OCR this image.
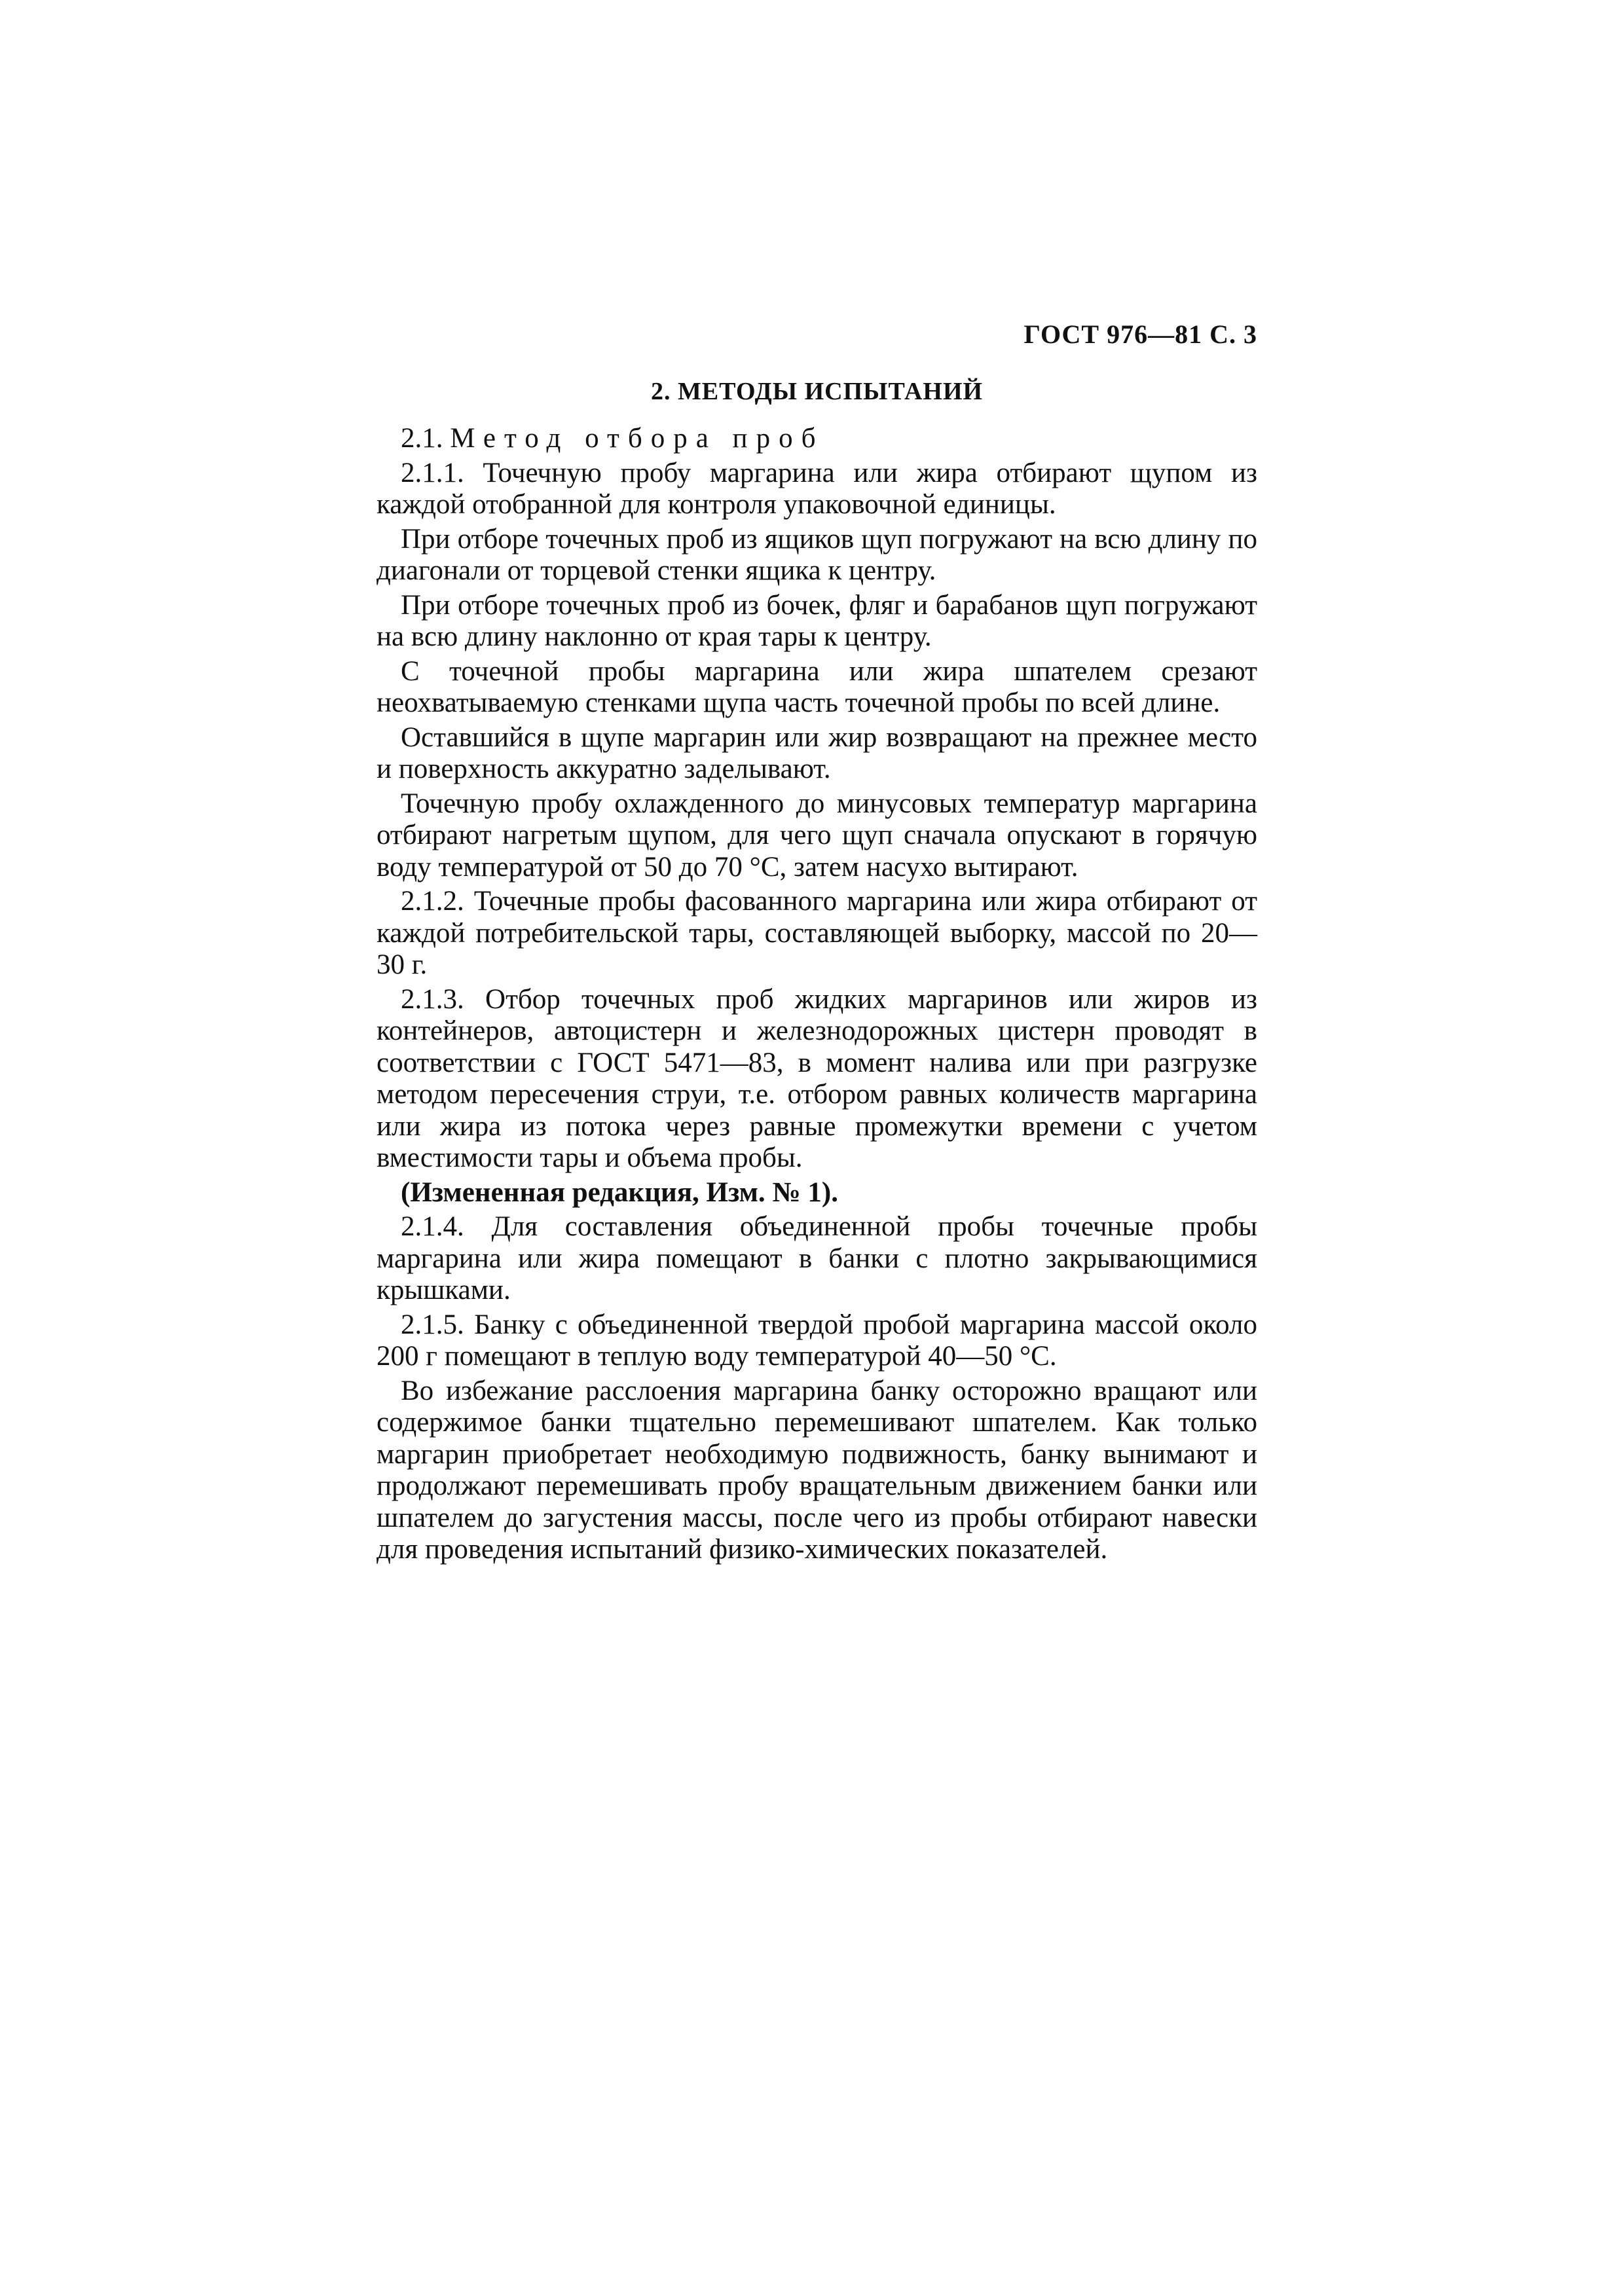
ГОСТ 976—81 С. 3
2. МЕТОДЫ ИСПЫТАНИЙ

2.1. Метод отбора проб

2.1.1. Точечную пробу маргарина или жира отбирают щупом из каждой отобранной для контроля упаковочной единицы.

При отборе точечных проб из ящиков щуп погружают на всю длину по диагонали от торцевой стенки ящика к центру.

При отборе точечных проб из бочек, фляг и барабанов щуп погружают на всю длину наклонно от края тары к центру.

С точечной пробы маргарина или жира шпателем срезают неохватываемую стенками щупа часть точечной пробы по всей длине.

Оставшийся в щупе маргарин или жир возвращают на прежнее место и поверхность аккуратно заделывают.

Точечную пробу охлажденного до минусовых температур маргарина отбирают нагретым щупом, для чего щуп сначала опускают в горячую воду температурой от 50 до 70 °С, затем насухо вытирают.

2.1.2. Точечные пробы фасованного маргарина или жира отбирают от каждой потребительской тары, составляющей выборку, массой по 20—30 г.

2.1.3. Отбор точечных проб жидких маргаринов или жиров из контейнеров, автоцистерн и железнодорожных цистерн проводят в соответствии с ГОСТ 5471—83, в момент налива или при разгрузке методом пересечения струи, т.е. отбором равных количеств маргарина или жира из потока через равные промежутки времени с учетом вместимости тары и объема пробы.

(Измененная редакция, Изм. № 1).

2.1.4. Для составления объединенной пробы точечные пробы маргарина или жира помещают в банки с плотно закрывающимися крышками.

2.1.5. Банку с объединенной твердой пробой маргарина массой около 200 г помещают в теплую воду температурой 40—50 °С.

Во избежание расслоения маргарина банку осторожно вращают или содержимое банки тщательно перемешивают шпателем. Как только маргарин приобретает необходимую подвижность, банку вынимают и продолжают перемешивать пробу вращательным движением банки или шпателем до загустения массы, после чего из пробы отбирают навески для проведения испытаний физико-химических показателей.
